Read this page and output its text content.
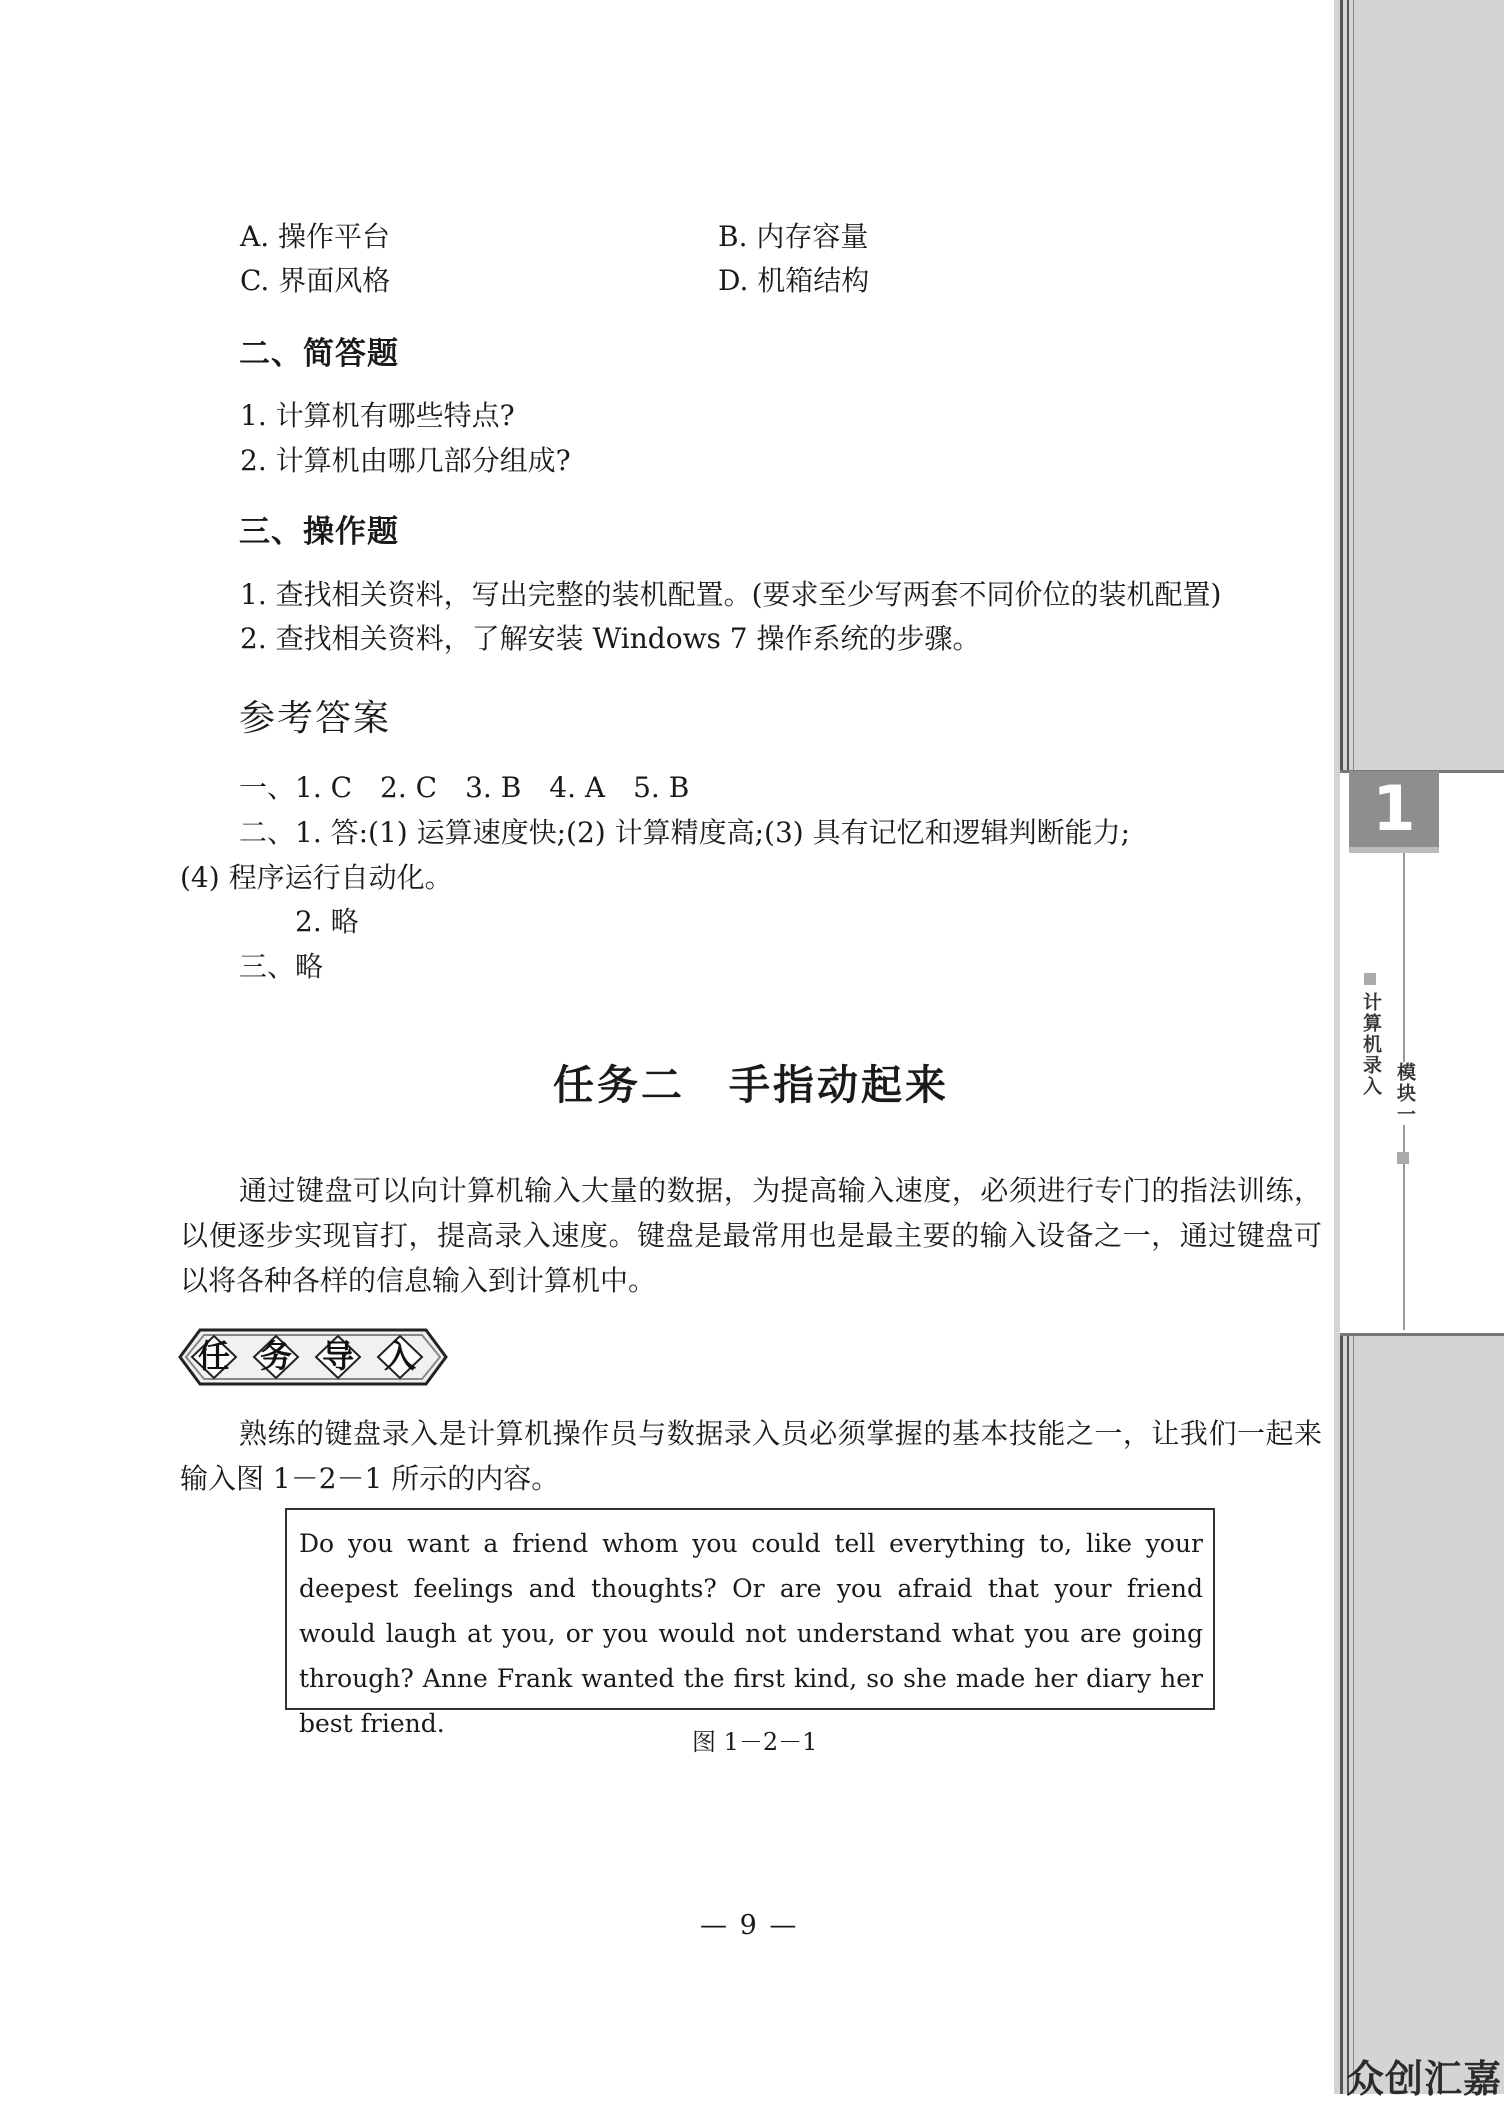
A. 操作平台	B. 内存容量
C. 界面风格	D. 机箱结构
二、简答题
1. 计算机有哪些特点?
2. 计算机由哪几部分组成?
三、操作题
1. 查找相关资料，写出完整的装机配置。(要求至少写两套不同价位的装机配置)
2. 查找相关资料，了解安装 Windows 7 操作系统的步骤。
参考答案
一、1. C　2. C　3. B　4. A　5. B
二、1. 答:(1) 运算速度快;(2) 计算精度高;(3) 具有记忆和逻辑判断能力;
(4) 程序运行自动化。
2. 略
三、略
任务二　手指动起来
通过键盘可以向计算机输入大量的数据，为提高输入速度，必须进行专门的指法训练，以便逐步实现盲打，提高录入速度。键盘是最常用也是最主要的输入设备之一，通过键盘可以将各种各样的信息输入到计算机中。
任 务 导 入
熟练的键盘录入是计算机操作员与数据录入员必须掌握的基本技能之一，让我们一起来输入图 1－2－1 所示的内容。
Do you want a friend whom you could tell everything to, like your deepest feelings and thoughts? Or are you afraid that your friend would laugh at you, or you would not understand what you are going through? Anne Frank wanted the first kind, so she made her diary her best friend.
图 1－2－1
— 9 —
1
计算机录入 模块一
众创汇嘉
